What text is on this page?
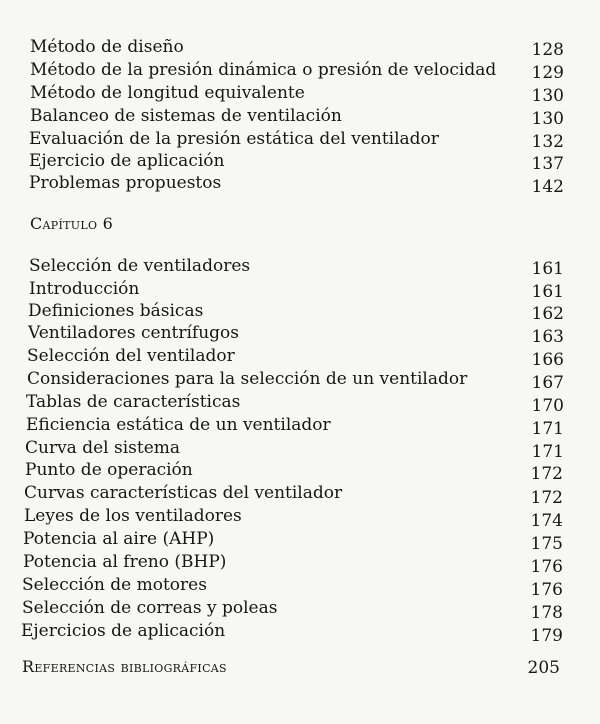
Método de diseño	128
Método de la presión dinámica o presión de velocidad 129
Método de longitud equivalente	130
Balanceo de sistemas de ventilación	130
Evaluación de la presión estática del ventilador	132
Ejercicio de aplicación	137
Problemas propuestos	142
Capítulo 6
Selección de ventiladores	161
Introducción	161
Definiciones básicas	162
Ventiladores centrífugos	163
Selección del ventilador	166
Consideraciones para la selección de un ventilador	167
Tablas de características	170
Eficiencia estática de un ventilador	171
Curva del sistema	171
Punto de operación	172
Curvas características del ventilador	172
Leyes de los ventiladores	174
Potencia al aire (AHP)	175
Potencia al freno (BHP)	176
Selección de motores	176
Selección de correas y poleas	178
Ejercicios de aplicación	179
Referencias bibliográficas	205
